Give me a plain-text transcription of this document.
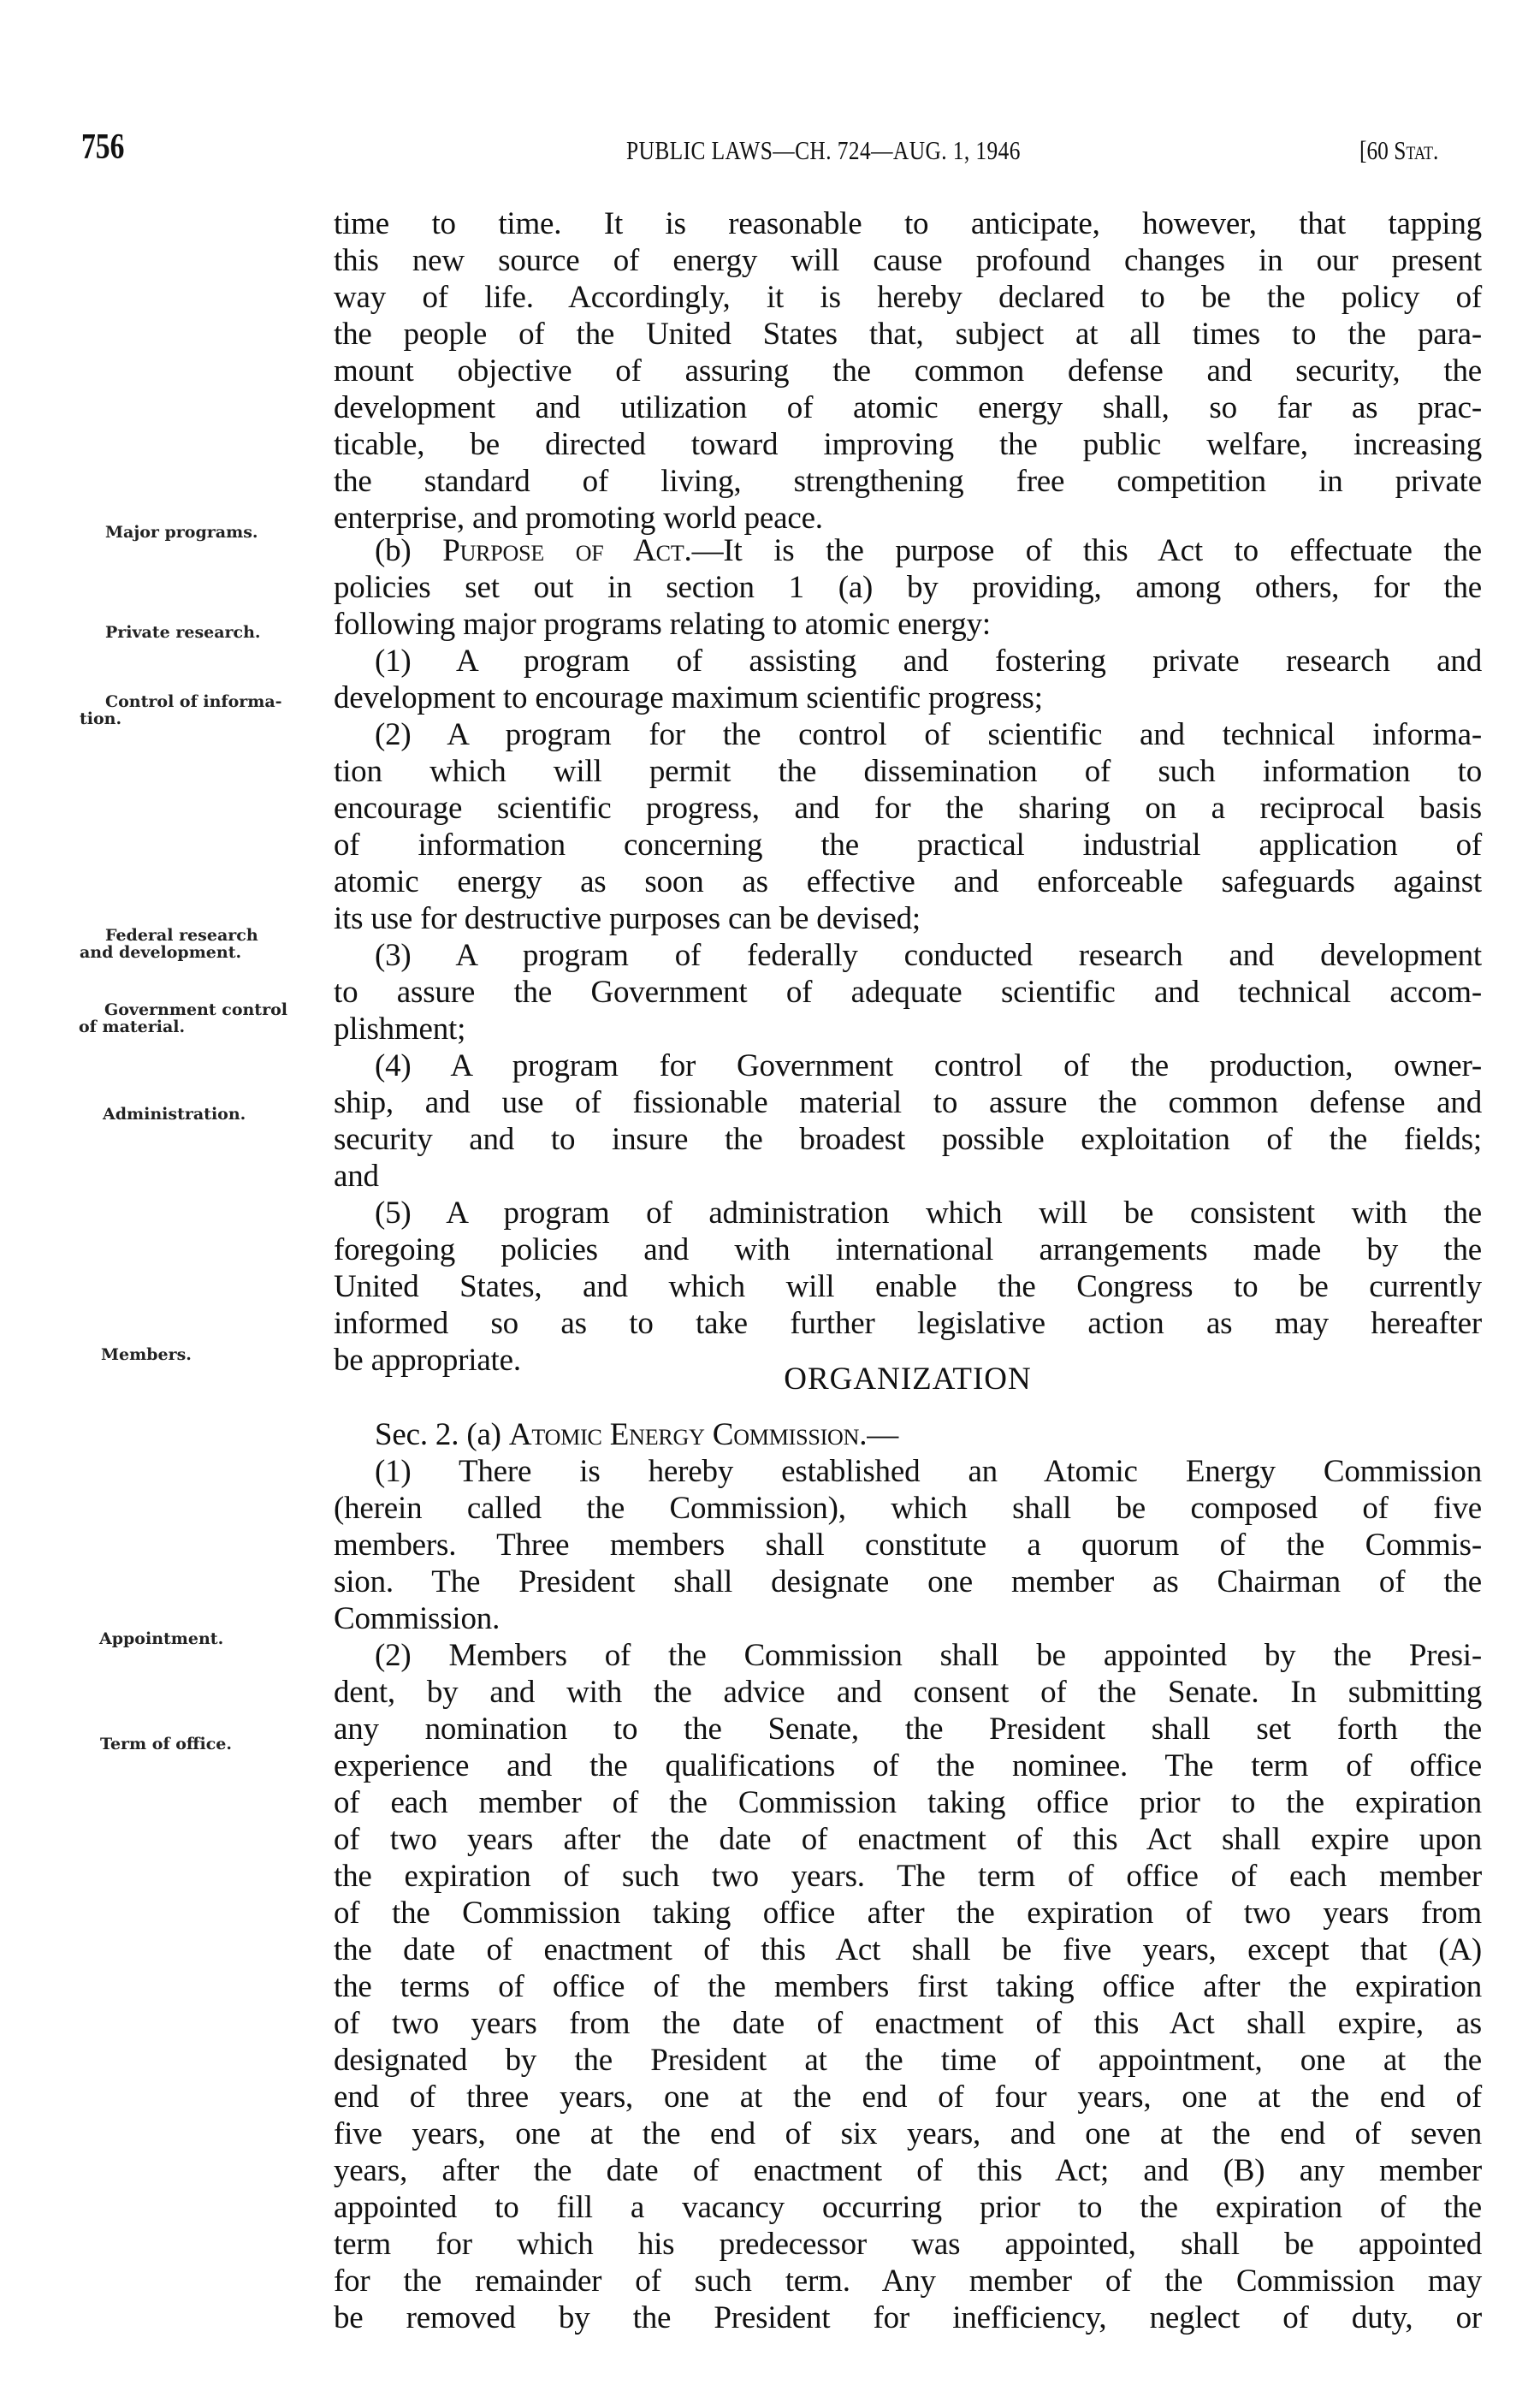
756	PUBLIC LAWS—CH. 724—AUG. 1, 1946	[60 Stat.
Major programs.
Private research.
Control of informa-

tion.
Federal research

and development.
Government control

of material.
Administration.
Members.
Appointment.
Term of office.
time to time. It is reasonable to anticipate, however, that tapping
this new source of energy will cause profound changes in our present
way of life. Accordingly, it is hereby declared to be the policy of
the people of the United States that, subject at all times to the para-
mount objective of assuring the common defense and security, the
development and utilization of atomic energy shall, so far as prac-
ticable, be directed toward improving the public welfare, increasing
the standard of living, strengthening free competition in private
enterprise, and promoting world peace.
(b) Purpose of Act.—It is the purpose of this Act to effectuate the
policies set out in section 1 (a) by providing, among others, for the
following major programs relating to atomic energy:
(1) A program of assisting and fostering private research and
development to encourage maximum scientific progress;
(2) A program for the control of scientific and technical informa-
tion which will permit the dissemination of such information to
encourage scientific progress, and for the sharing on a reciprocal basis
of information concerning the practical industrial application of
atomic energy as soon as effective and enforceable safeguards against
its use for destructive purposes can be devised;
(3) A program of federally conducted research and development
to assure the Government of adequate scientific and technical accom-
plishment;
(4) A program for Government control of the production, owner-
ship, and use of fissionable material to assure the common defense and
security and to insure the broadest possible exploitation of the fields;
and
(5) A program of administration which will be consistent with the
foregoing policies and with international arrangements made by the
United States, and which will enable the Congress to be currently
informed so as to take further legislative action as may hereafter
be appropriate.
ORGANIZATION
Sec. 2. (a) Atomic Energy Commission.—
(1) There is hereby established an Atomic Energy Commission
(herein called the Commission), which shall be composed of five
members. Three members shall constitute a quorum of the Commis-
sion. The President shall designate one member as Chairman of the
Commission.
(2) Members of the Commission shall be appointed by the Presi-
dent, by and with the advice and consent of the Senate. In submitting
any nomination to the Senate, the President shall set forth the
experience and the qualifications of the nominee. The term of office
of each member of the Commission taking office prior to the expiration
of two years after the date of enactment of this Act shall expire upon
the expiration of such two years. The term of office of each member
of the Commission taking office after the expiration of two years from
the date of enactment of this Act shall be five years, except that (A)
the terms of office of the members first taking office after the expiration
of two years from the date of enactment of this Act shall expire, as
designated by the President at the time of appointment, one at the
end of three years, one at the end of four years, one at the end of
five years, one at the end of six years, and one at the end of seven
years, after the date of enactment of this Act; and (B) any member
appointed to fill a vacancy occurring prior to the expiration of the
term for which his predecessor was appointed, shall be appointed
for the remainder of such term. Any member of the Commission may
be removed by the President for inefficiency, neglect of duty, or
